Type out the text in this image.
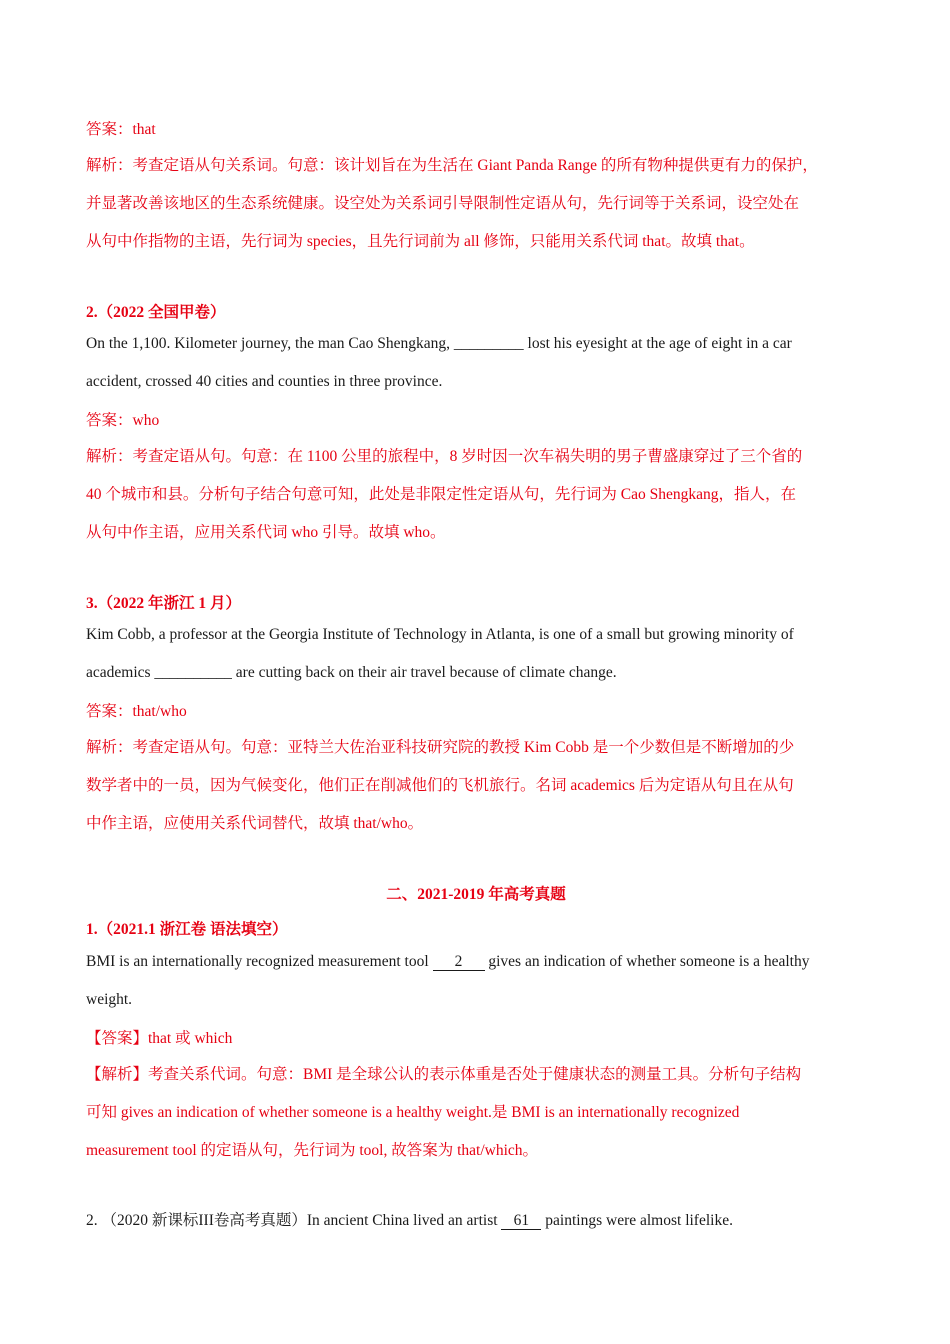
答案：that
解析：考查定语从句关系词。句意：该计划旨在为生活在 Giant Panda Range 的所有物种提供更有力的保护，
并显著改善该地区的生态系统健康。设空处为关系词引导限制性定语从句，先行词等于关系词，设空处在
从句中作指物的主语，先行词为 species，且先行词前为 all 修饰，只能用关系代词 that。故填 that。
2.（2022 全国甲卷）
On the 1,100. Kilometer journey, the man Cao Shengkang, _________ lost his eyesight at the age of eight in a car
accident, crossed 40 cities and counties in three province.
答案：who
解析：考查定语从句。句意：在 1100 公里的旅程中，8 岁时因一次车祸失明的男子曹盛康穿过了三个省的
40 个城市和县。分析句子结合句意可知，此处是非限定性定语从句，先行词为 Cao Shengkang，指人，在
从句中作主语，应用关系代词 who 引导。故填 who。
3.（2022 年浙江 1 月）
Kim Cobb, a professor at the Georgia Institute of Technology in Atlanta, is one of a small but growing minority of
academics __________ are cutting back on their air travel because of climate change.
答案：that/who
解析：考查定语从句。句意：亚特兰大佐治亚科技研究院的教授 Kim Cobb 是一个少数但是不断增加的少
数学者中的一员，因为气候变化，他们正在削减他们的飞机旅行。名词 academics 后为定语从句且在从句
中作主语，应使用关系代词替代，故填 that/who。
二、2021-2019 年高考真题
1.（2021.1 浙江卷 语法填空）
BMI is an internationally recognized measurement tool 2 gives an indication of whether someone is a healthy
weight.
【答案】that 或 which
【解析】考查关系代词。句意：BMI 是全球公认的表示体重是否处于健康状态的测量工具。分析句子结构
可知 gives an indication of whether someone is a healthy weight.是 BMI is an internationally recognized
measurement tool 的定语从句，先行词为 tool, 故答案为 that/which。
2. （2020 新课标III卷高考真题）In ancient China lived an artist 61 paintings were almost lifelike.
